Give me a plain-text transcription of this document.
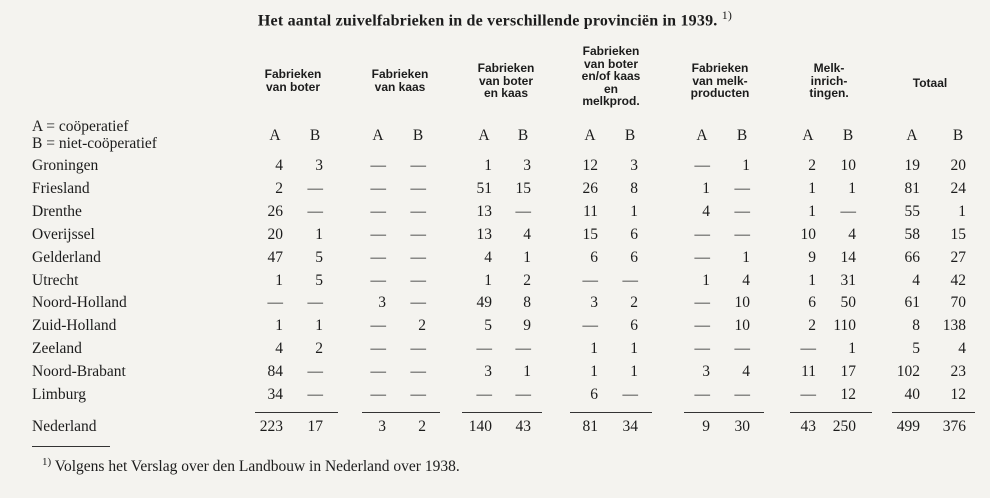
Het aantal zuivelfabrieken in de verschillende provinciën in 1939. $^{1)}$
Fabrieken
van boter
Fabrieken
van kaas
Fabrieken
van boter
en kaas
Fabrieken
van boter
en/of kaas
en
melkprod.
Fabrieken
van melk-
producten
Melk-
inrich-
tingen.
Totaal
A = coöperatief
B = niet-coöperatief	A	B	A	B	A	B	A	B	A	B	A	B	A	B
Groningen	4	3	—	—	1	3	12	3	—	1	2	10	19	20
Friesland	2	—	—	—	51	15	26	8	1	—	1	1	81	24
Drenthe	26	—	—	—	13	—	11	1	4	—	1	—	55	1
Overijssel	20	1	—	—	13	4	15	6	—	—	10	4	58	15
Gelderland	47	5	—	—	4	1	6	6	—	1	9	14	66	27
Utrecht	1	5	—	—	1	2	—	—	1	4	1	31	4	42
Noord-Holland	—	—	3	—	49	8	3	2	—	10	6	50	61	70
Zuid-Holland	1	1	—	2	5	9	—	6	—	10	2	110	8	138
Zeeland	4	2	—	—	—	—	1	1	—	—	—	1	5	4
Noord-Brabant	84	—	—	—	3	1	1	1	3	4	11	17	102	23
Limburg	34	—	—	—	—	—	6	—	—	—	—	12	40	12
Nederland	223	17	3	2	140	43	81	34	9	30	43	250	499	376
$^{1)}$ Volgens het Verslag over den Landbouw in Nederland over 1938.
